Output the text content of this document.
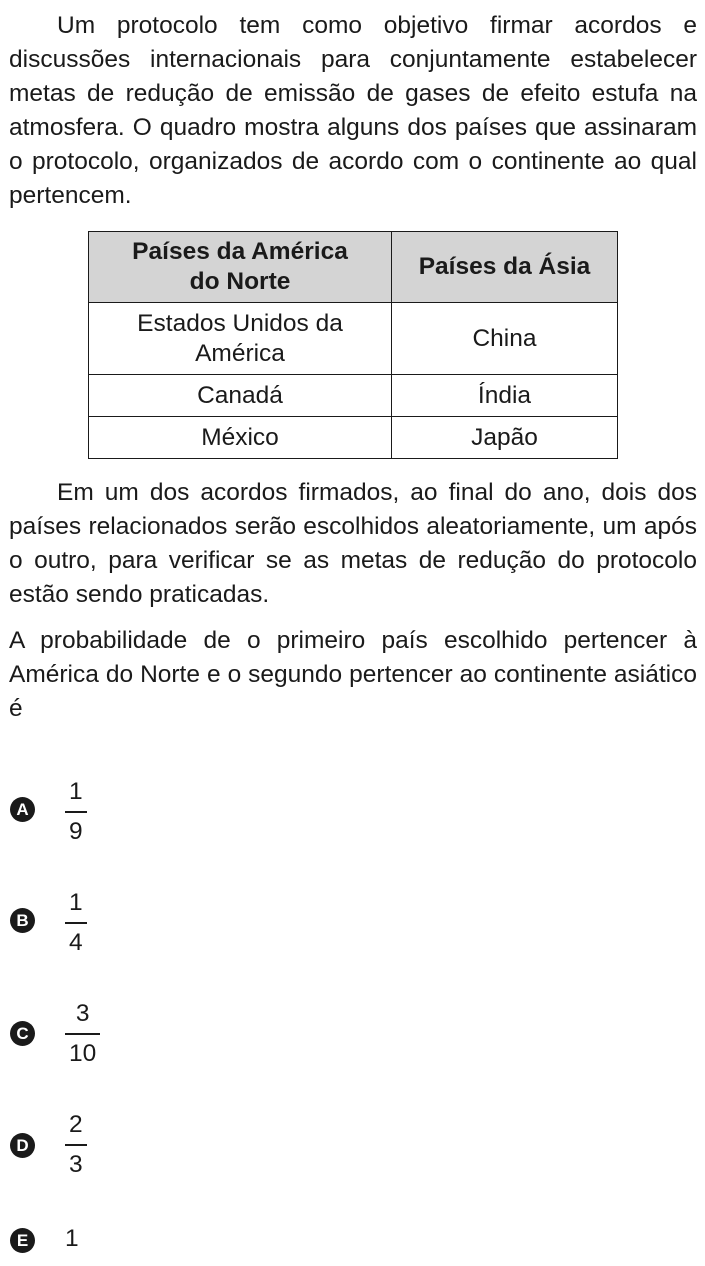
Um protocolo tem como objetivo firmar acordos e discussões internacionais para conjuntamente estabelecer metas de redução de emissão de gases de efeito estufa na atmosfera. O quadro mostra alguns dos países que assinaram o protocolo, organizados de acordo com o continente ao qual pertencem.

Países da América do Norte	Países da Ásia
Estados Unidos da América	China
Canadá	Índia
México	Japão

Em um dos acordos firmados, ao final do ano, dois dos países relacionados serão escolhidos aleatoriamente, um após o outro, para verificar se as metas de redução do protocolo estão sendo praticadas.

A probabilidade de o primeiro país escolhido pertencer à América do Norte e o segundo pertencer ao continente asiático é

A
1
9
B
1
4
C
3
10
D
2
3
E 1
